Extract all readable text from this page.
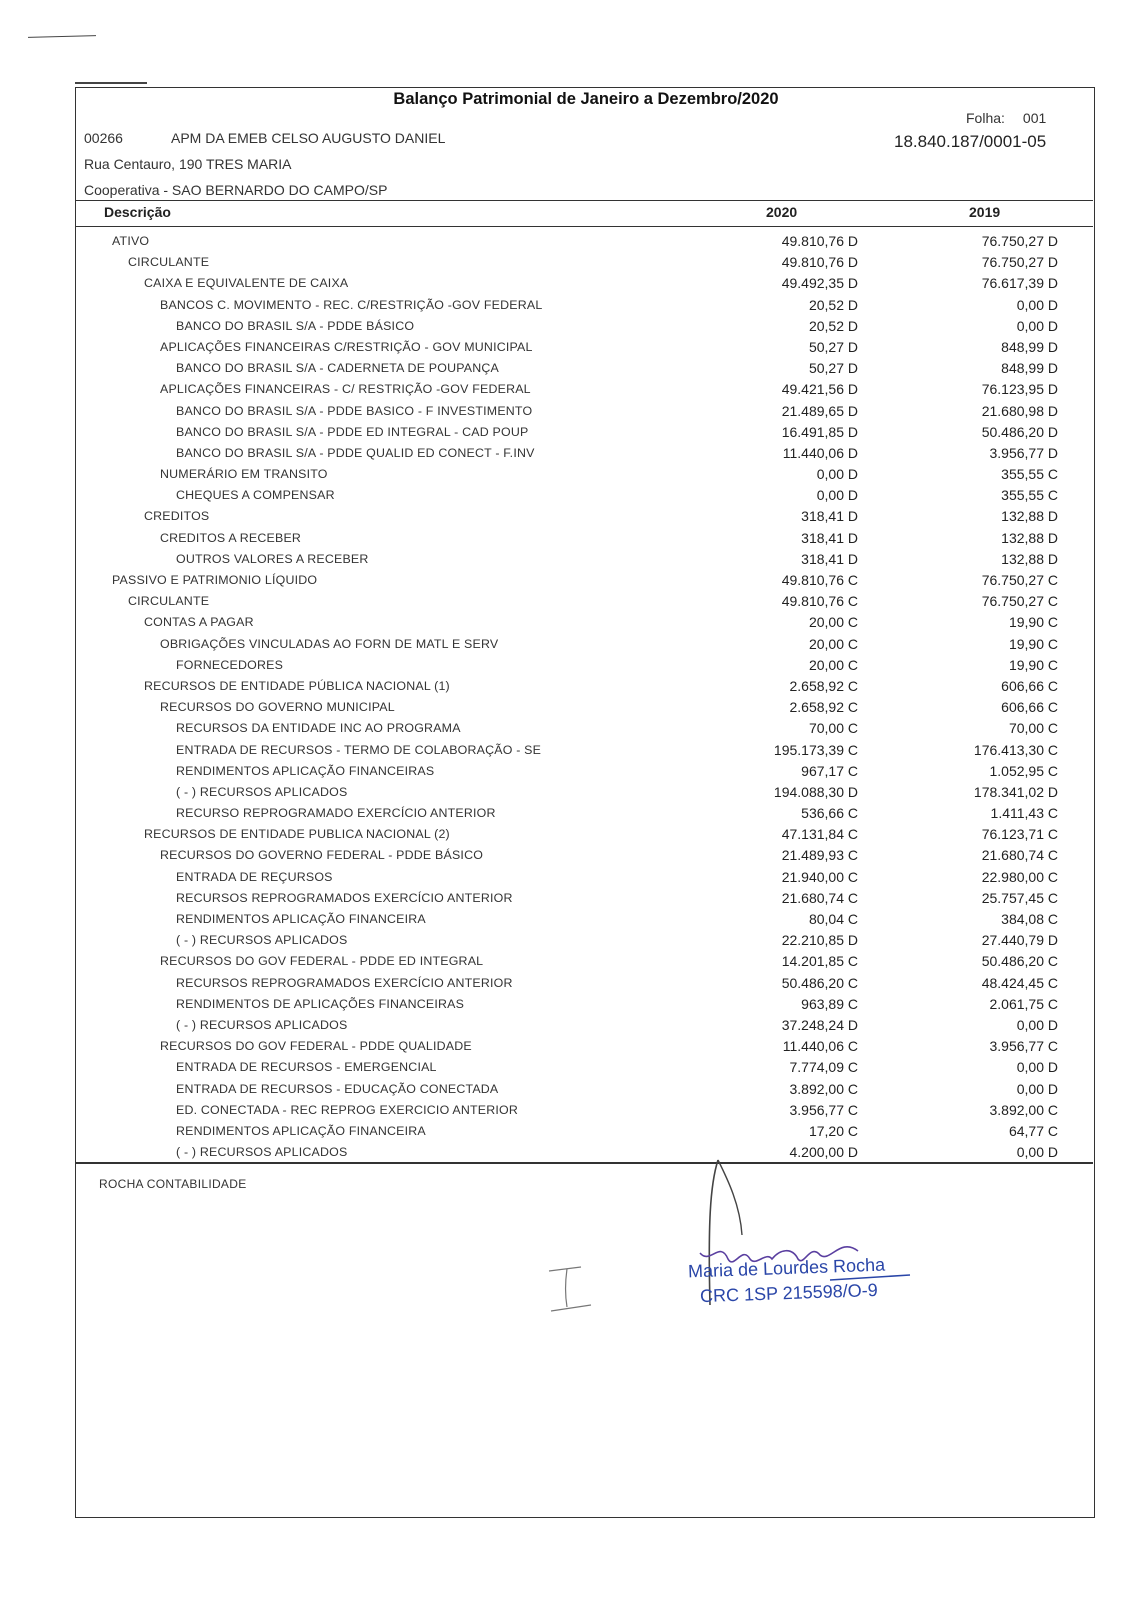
Balanço Patrimonial de Janeiro a Dezembro/2020
Folha: 001
00266	APM DA EMEB CELSO AUGUSTO DANIEL	18.840.187/0001-05
Rua Centauro, 190 TRES MARIA
Cooperativa - SAO BERNARDO DO CAMPO/SP
Descrição	2020	2019
ATIVO	49.810,76 D	76.750,27 D
CIRCULANTE	49.810,76 D	76.750,27 D
CAIXA E EQUIVALENTE DE CAIXA	49.492,35 D	76.617,39 D
BANCOS C. MOVIMENTO - REC. C/RESTRIÇÃO -GOV FEDERAL	20,52 D	0,00 D
BANCO DO BRASIL S/A - PDDE BÁSICO	20,52 D	0,00 D
APLICAÇÕES FINANCEIRAS C/RESTRIÇÃO - GOV MUNICIPAL	50,27 D	848,99 D
BANCO DO BRASIL S/A - CADERNETA DE POUPANÇA	50,27 D	848,99 D
APLICAÇÕES FINANCEIRAS - C/ RESTRIÇÃO -GOV FEDERAL	49.421,56 D	76.123,95 D
BANCO DO BRASIL S/A - PDDE BASICO - F INVESTIMENTO	21.489,65 D	21.680,98 D
BANCO DO BRASIL S/A - PDDE ED INTEGRAL - CAD POUP	16.491,85 D	50.486,20 D
BANCO DO BRASIL S/A - PDDE QUALID ED CONECT - F.INV	11.440,06 D	3.956,77 D
NUMERÁRIO EM TRANSITO	0,00 D	355,55 C
CHEQUES A COMPENSAR	0,00 D	355,55 C
CREDITOS	318,41 D	132,88 D
CREDITOS A RECEBER	318,41 D	132,88 D
OUTROS VALORES A RECEBER	318,41 D	132,88 D
PASSIVO E PATRIMONIO LÍQUIDO	49.810,76 C	76.750,27 C
CIRCULANTE	49.810,76 C	76.750,27 C
CONTAS A PAGAR	20,00 C	19,90 C
OBRIGAÇÕES VINCULADAS AO FORN DE MATL E SERV	20,00 C	19,90 C
FORNECEDORES	20,00 C	19,90 C
RECURSOS DE ENTIDADE PÚBLICA NACIONAL (1)	2.658,92 C	606,66 C
RECURSOS DO GOVERNO MUNICIPAL	2.658,92 C	606,66 C
RECURSOS DA ENTIDADE INC AO PROGRAMA	70,00 C	70,00 C
ENTRADA DE RECURSOS - TERMO DE COLABORAÇÃO - SE	195.173,39 C	176.413,30 C
RENDIMENTOS APLICAÇÃO FINANCEIRAS	967,17 C	1.052,95 C
( - ) RECURSOS APLICADOS	194.088,30 D	178.341,02 D
RECURSO REPROGRAMADO EXERCÍCIO ANTERIOR	536,66 C	1.411,43 C
RECURSOS DE ENTIDADE PUBLICA NACIONAL (2)	47.131,84 C	76.123,71 C
RECURSOS DO GOVERNO FEDERAL - PDDE BÁSICO	21.489,93 C	21.680,74 C
ENTRADA DE REÇURSOS	21.940,00 C	22.980,00 C
RECURSOS REPROGRAMADOS EXERCÍCIO ANTERIOR	21.680,74 C	25.757,45 C
RENDIMENTOS APLICAÇÃO FINANCEIRA	80,04 C	384,08 C
( - ) RECURSOS APLICADOS	22.210,85 D	27.440,79 D
RECURSOS DO GOV FEDERAL - PDDE ED INTEGRAL	14.201,85 C	50.486,20 C
RECURSOS REPROGRAMADOS EXERCÍCIO ANTERIOR	50.486,20 C	48.424,45 C
RENDIMENTOS DE APLICAÇÕES FINANCEIRAS	963,89 C	2.061,75 C
( - ) RECURSOS APLICADOS	37.248,24 D	0,00 D
RECURSOS DO GOV FEDERAL - PDDE QUALIDADE	11.440,06 C	3.956,77 C
ENTRADA DE RECURSOS - EMERGENCIAL	7.774,09 C	0,00 D
ENTRADA DE RECURSOS - EDUCAÇÃO CONECTADA	3.892,00 C	0,00 D
ED. CONECTADA - REC REPROG EXERCICIO ANTERIOR	3.956,77 C	3.892,00 C
RENDIMENTOS APLICAÇÃO FINANCEIRA	17,20 C	64,77 C
( - ) RECURSOS APLICADOS	4.200,00 D	0,00 D
ROCHA CONTABILIDADE
Maria de Lourdes Rocha
CRC 1SP 215598/O-9
